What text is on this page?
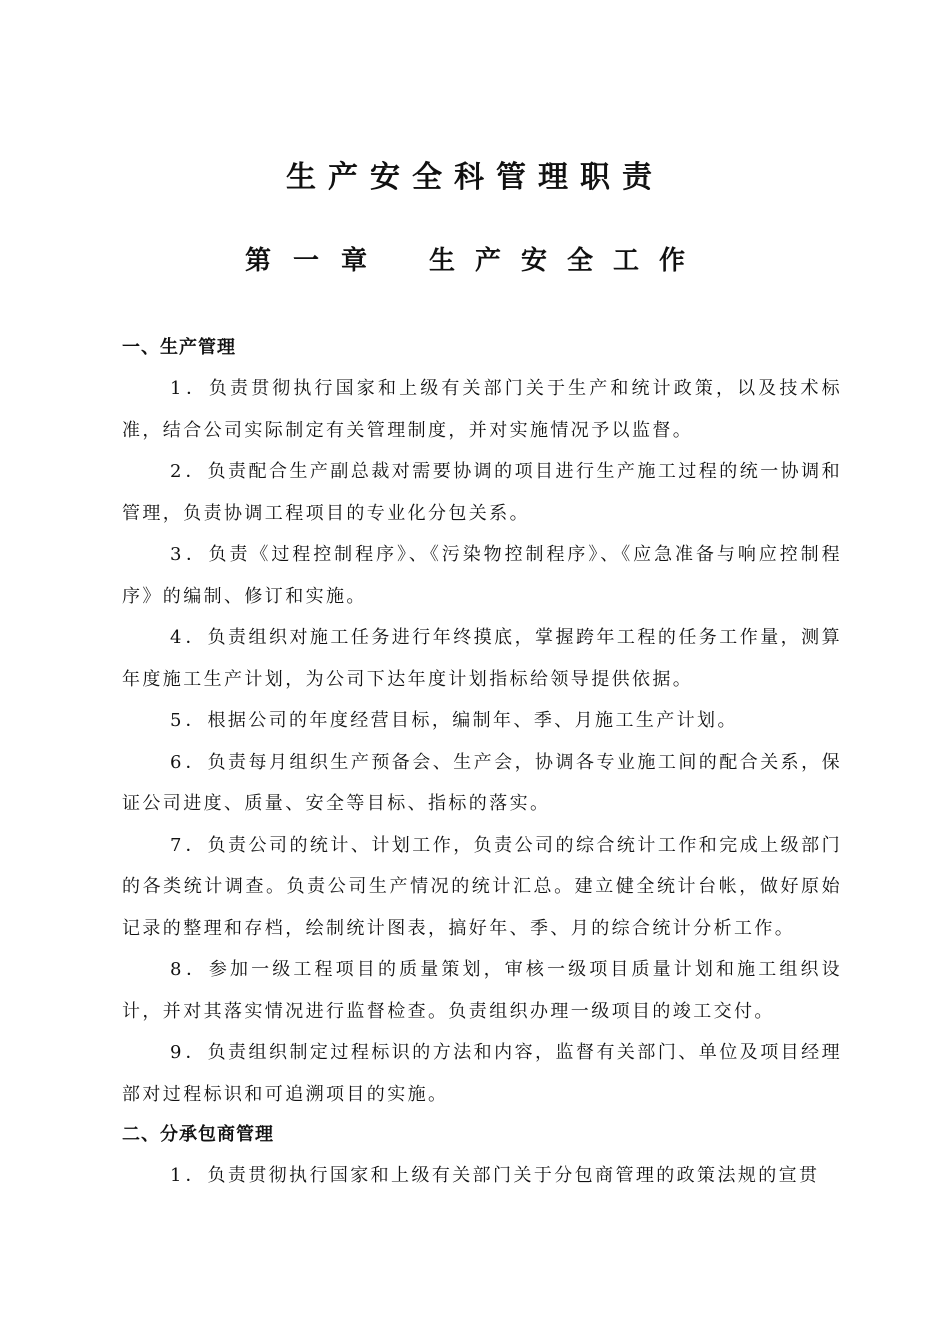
生产安全科管理职责
第一章 生产安全工作
一、生产管理

1．负责贯彻执行国家和上级有关部门关于生产和统计政策，以及技术标准，结合公司实际制定有关管理制度，并对实施情况予以监督。

2．负责配合生产副总裁对需要协调的项目进行生产施工过程的统一协调和管理，负责协调工程项目的专业化分包关系。

3．负责《过程控制程序》、《污染物控制程序》、《应急准备与响应控制程序》的编制、修订和实施。

4．负责组织对施工任务进行年终摸底，掌握跨年工程的任务工作量，测算年度施工生产计划，为公司下达年度计划指标给领导提供依据。

5．根据公司的年度经营目标，编制年、季、月施工生产计划。

6．负责每月组织生产预备会、生产会，协调各专业施工间的配合关系，保证公司进度、质量、安全等目标、指标的落实。

7．负责公司的统计、计划工作，负责公司的综合统计工作和完成上级部门的各类统计调查。负责公司生产情况的统计汇总。建立健全统计台帐，做好原始记录的整理和存档，绘制统计图表，搞好年、季、月的综合统计分析工作。

8．参加一级工程项目的质量策划，审核一级项目质量计划和施工组织设计，并对其落实情况进行监督检查。负责组织办理一级项目的竣工交付。

9．负责组织制定过程标识的方法和内容，监督有关部门、单位及项目经理部对过程标识和可追溯项目的实施。

二、分承包商管理

1．负责贯彻执行国家和上级有关部门关于分包商管理的政策法规的宣贯
